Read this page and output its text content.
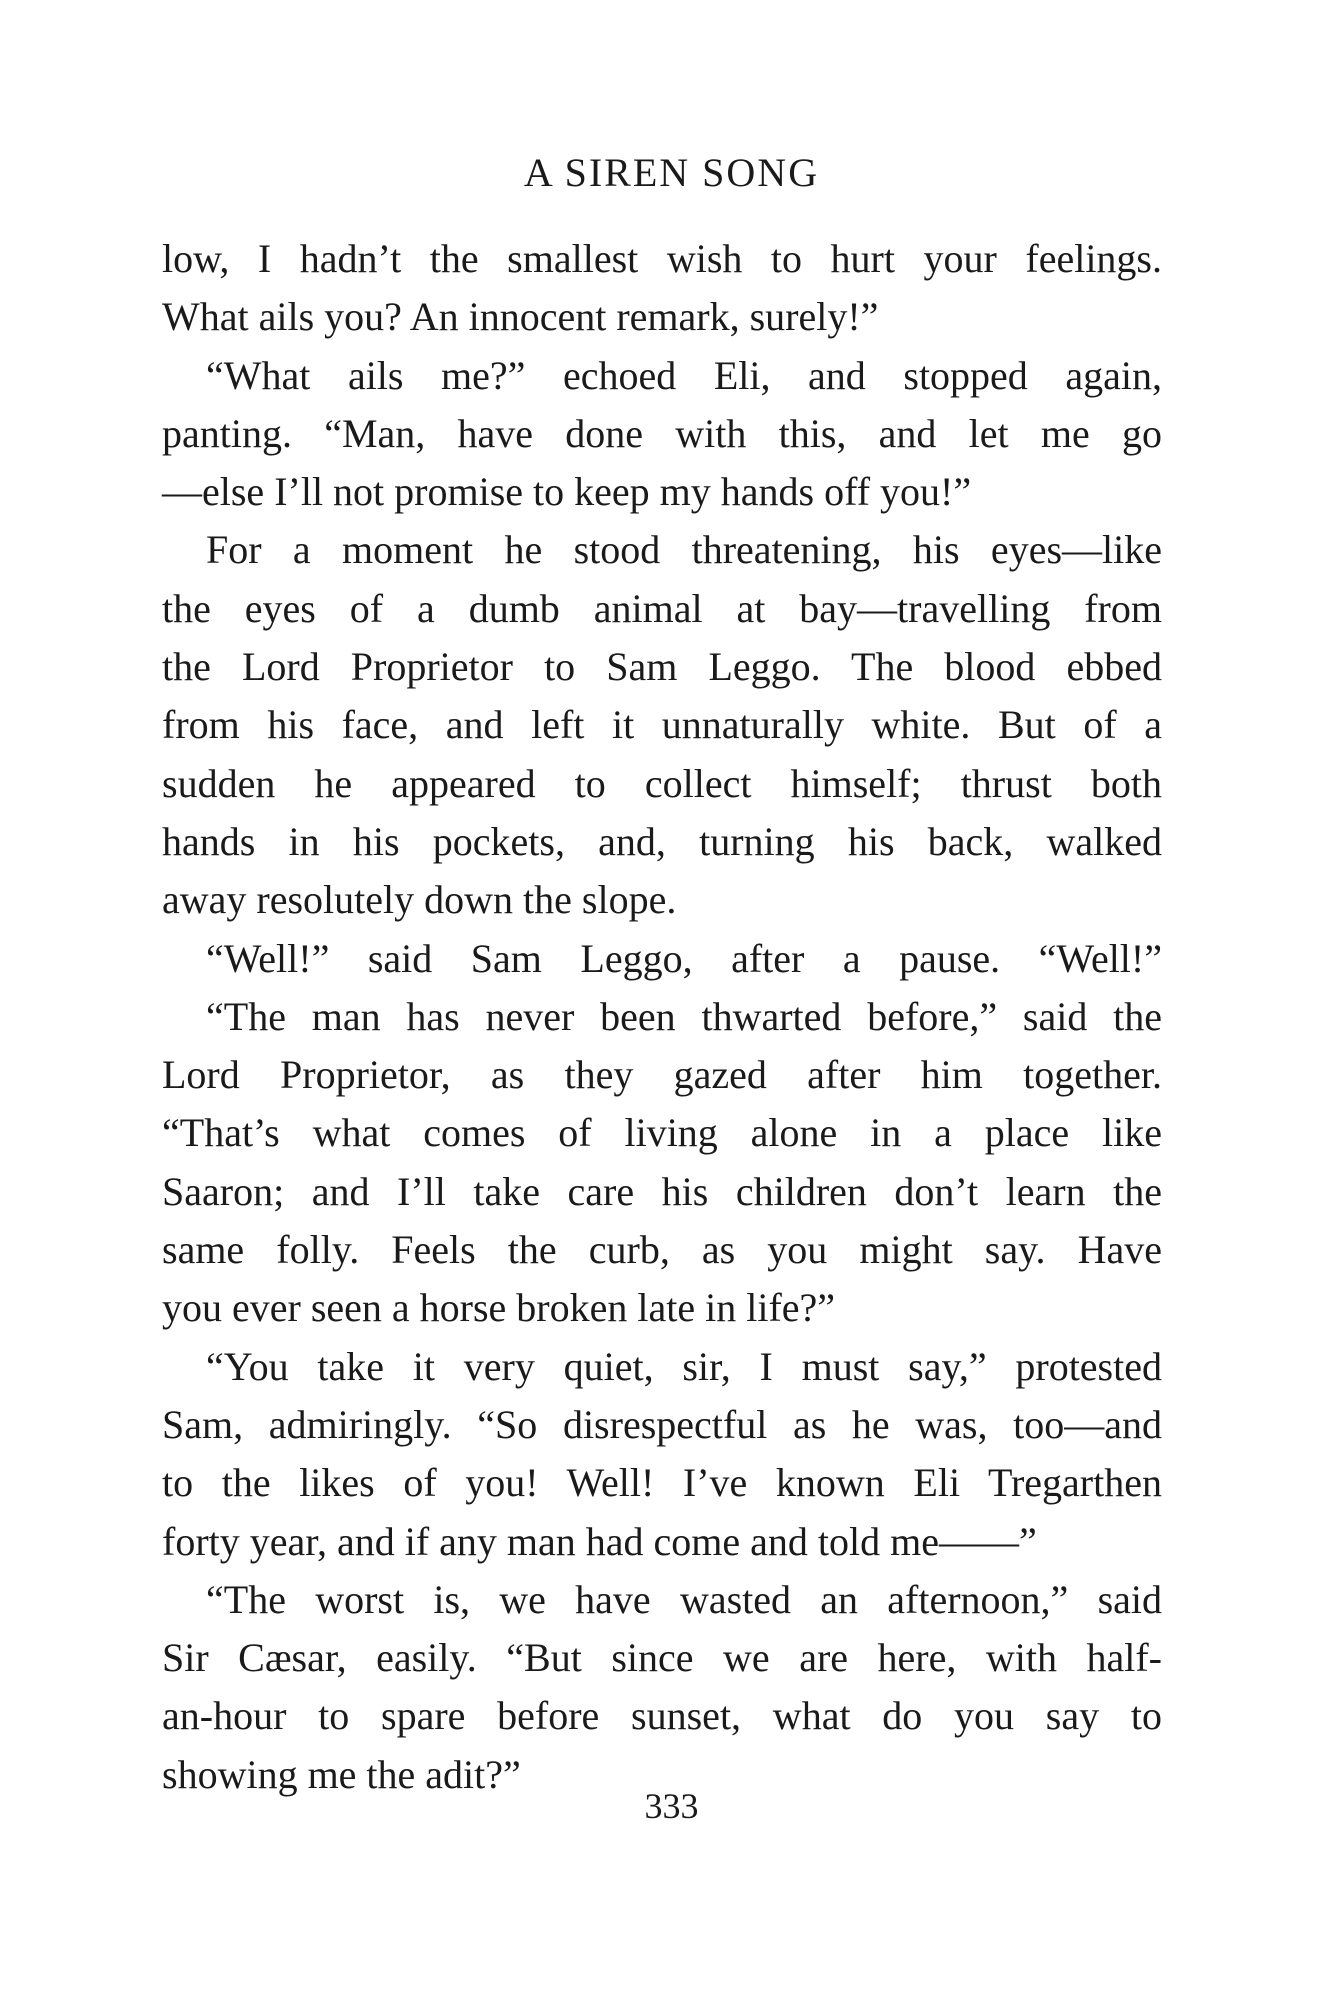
A SIREN SONG
low, I hadn’t the smallest wish to hurt your feelings.
What ails you? An innocent remark, surely!”
“What ails me?” echoed Eli, and stopped again,
panting. “Man, have done with this, and let me go
—else I’ll not promise to keep my hands off you!”
For a moment he stood threatening, his eyes—like
the eyes of a dumb animal at bay—travelling from
the Lord Proprietor to Sam Leggo. The blood ebbed
from his face, and left it unnaturally white. But of a
sudden he appeared to collect himself; thrust both
hands in his pockets, and, turning his back, walked
away resolutely down the slope.
“Well!” said Sam Leggo, after a pause. “Well!”
“The man has never been thwarted before,” said the
Lord Proprietor, as they gazed after him together.
“That’s what comes of living alone in a place like
Saaron; and I’ll take care his children don’t learn the
same folly. Feels the curb, as you might say. Have
you ever seen a horse broken late in life?”
“You take it very quiet, sir, I must say,” protested
Sam, admiringly. “So disrespectful as he was, too—and
to the likes of you! Well! I’ve known Eli Tregarthen
forty year, and if any man had come and told me——”
“The worst is, we have wasted an afternoon,” said
Sir Cæsar, easily. “But since we are here, with half-
an-hour to spare before sunset, what do you say to
showing me the adit?”
333
